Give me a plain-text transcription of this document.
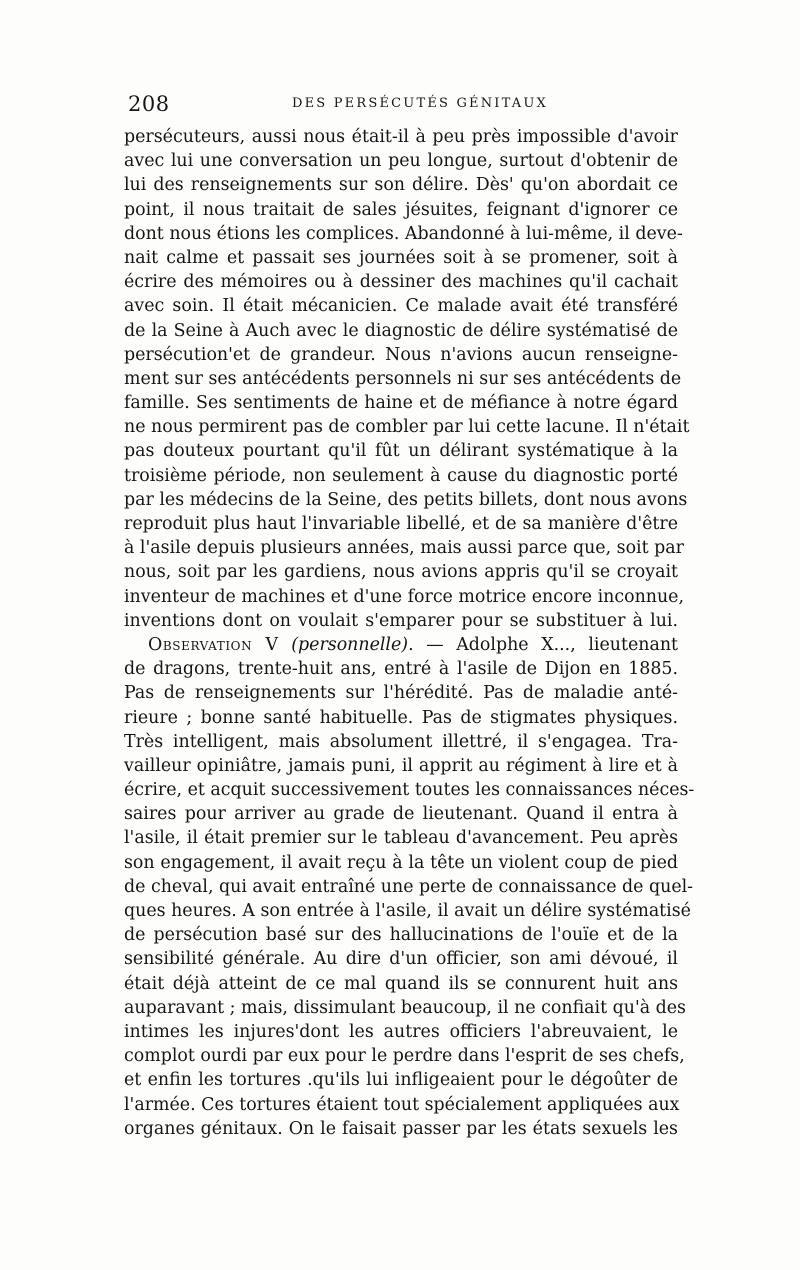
208	DES PERSÉCUTÉS GÉNITAUX
persécuteurs, aussi nous était-il à peu près impossible d'avoir
avec lui une conversation un peu longue, surtout d'obtenir de
lui des renseignements sur son délire. Dès' qu'on abordait ce
point, il nous traitait de sales jésuites, feignant d'ignorer ce
dont nous étions les complices. Abandonné à lui-même, il deve-
nait calme et passait ses journées soit à se promener, soit à
écrire des mémoires ou à dessiner des machines qu'il cachait
avec soin. Il était mécanicien. Ce malade avait été transféré
de la Seine à Auch avec le diagnostic de délire systématisé de
persécution'et de grandeur. Nous n'avions aucun renseigne-
ment sur ses antécédents personnels ni sur ses antécédents de
famille. Ses sentiments de haine et de méfiance à notre égard
ne nous permirent pas de combler par lui cette lacune. Il n'était
pas douteux pourtant qu'il fût un délirant systématique à la
troisième période, non seulement à cause du diagnostic porté
par les médecins de la Seine, des petits billets, dont nous avons
reproduit plus haut l'invariable libellé, et de sa manière d'être
à l'asile depuis plusieurs années, mais aussi parce que, soit par
nous, soit par les gardiens, nous avions appris qu'il se croyait
inventeur de machines et d'une force motrice encore inconnue,
inventions dont on voulait s'emparer pour se substituer à lui.
Observation V (personnelle). — Adolphe X..., lieutenant
de dragons, trente-huit ans, entré à l'asile de Dijon en 1885.
Pas de renseignements sur l'hérédité. Pas de maladie anté-
rieure ; bonne santé habituelle. Pas de stigmates physiques.
Très intelligent, mais absolument illettré, il s'engagea. Tra-
vailleur opiniâtre, jamais puni, il apprit au régiment à lire et à
écrire, et acquit successivement toutes les connaissances néces-
saires pour arriver au grade de lieutenant. Quand il entra à
l'asile, il était premier sur le tableau d'avancement. Peu après
son engagement, il avait reçu à la tête un violent coup de pied
de cheval, qui avait entraîné une perte de connaissance de quel-
ques heures. A son entrée à l'asile, il avait un délire systématisé
de persécution basé sur des hallucinations de l'ouïe et de la
sensibilité générale. Au dire d'un officier, son ami dévoué, il
était déjà atteint de ce mal quand ils se connurent huit ans
auparavant ; mais, dissimulant beaucoup, il ne confiait qu'à des
intimes les injures'dont les autres officiers l'abreuvaient, le
complot ourdi par eux pour le perdre dans l'esprit de ses chefs,
et enfin les tortures .qu'ils lui infligeaient pour le dégoûter de
l'armée. Ces tortures étaient tout spécialement appliquées aux
organes génitaux. On le faisait passer par les états sexuels les
